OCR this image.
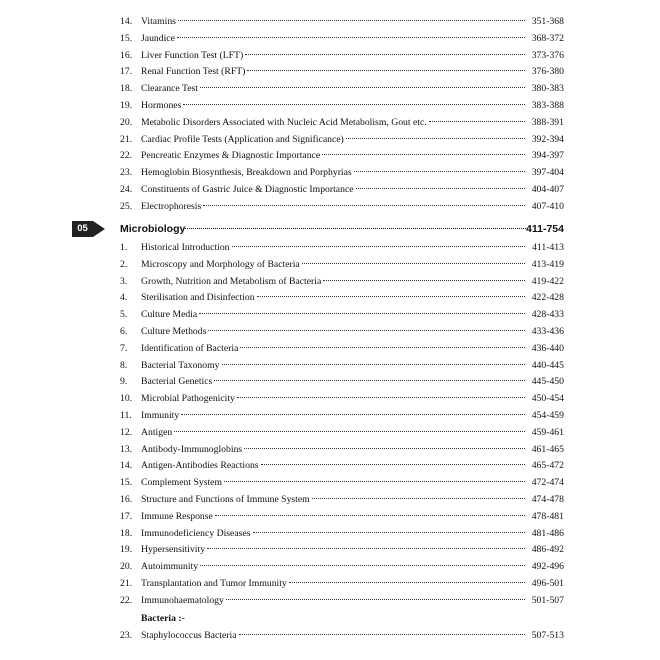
14. Vitamins	351-368
15. Jaundice	368-372
16. Liver Function Test (LFT)	373-376
17. Renal Function Test (RFT)	376-380
18. Clearance Test	380-383
19. Hormones	383-388
20. Metabolic Disorders Associated with Nucleic Acid Metabolism, Gout etc.	388-391
21. Cardiac Profile Tests (Application and Significance)	392-394
22. Pencreatic Enzymes & Diagnostic Importance	394-397
23. Hemoglobin Biosynthesis, Breakdown and Porphyrias	397-404
24. Constituents of Gastric Juice & Diagnostic Importance	404-407
25. Electrophoresis	407-410
05	Microbiology	411-754
1. Historical Introduction	411-413
2. Microscopy and Morphology of Bacteria	413-419
3. Growth, Nutrition and Metabolism of Bacteria	419-422
4. Sterilisation and Disinfection	422-428
5. Culture Media	428-433
6. Culture Methods	433-436
7. Identification of Bacteria	436-440
8. Bacterial Taxonomy	440-445
9. Bacterial Genetics	445-450
10. Microbial Pathogenicity	450-454
11. Immunity	454-459
12. Antigen	459-461
13. Antibody-Immunoglobins	461-465
14. Antigen-Antibodies Reactions	465-472
15. Complement System	472-474
16. Structure and Functions of Immune System	474-478
17. Immune Response	478-481
18. Immunodeficiency Diseases	481-486
19. Hypersensitivity	486-492
20. Autoimmunity	492-496
21. Transplantation and Tumor Immunity	496-501
22. Immunohaematology	501-507
Bacteria :-
23. Staphylococcus Bacteria	507-513
